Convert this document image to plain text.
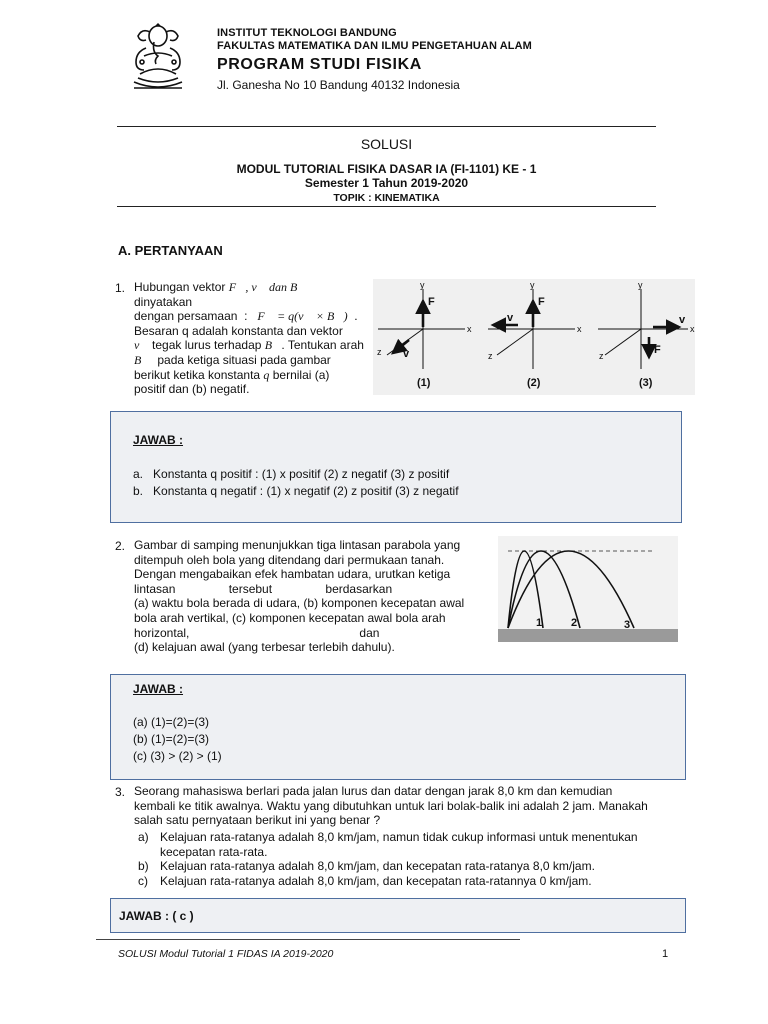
INSTITUT TEKNOLOGI BANDUNG
FAKULTAS MATEMATIKA DAN ILMU PENGETAHUAN ALAM
PROGRAM STUDI FISIKA
Jl. Ganesha No 10 Bandung 40132 Indonesia
SOLUSI
MODUL TUTORIAL FISIKA DASAR IA (FI-1101) KE - 1
Semester 1 Tahun 2019-2020
TOPIK : KINEMATIKA
A. PERTANYAAN
1. Hubungan vektor F⃗, v⃗ dan B⃗ dinyatakan
dengan persamaan  :   F⃗ = q(v⃗ × B⃗)  .
Besaran q adalah konstanta dan vektor
v⃗ tegak lurus terhadap B⃗. Tentukan arah
B⃗  pada ketiga situasi pada gambar
berikut ketika konstanta q bernilai (a)
positif dan (b) negatif.
y
x
z
y
x
z
y
x
z
F
v
F
v
F
v
(1)	(2)	(3)
JAWAB :
a. Konstanta q positif : (1) x positif (2) z negatif (3) z positif
b. Konstanta q negatif : (1) x negatif (2) z positif (3) z negatif
2. Gambar di samping menunjukkan tiga lintasan parabola yang
ditempuh oleh bola yang ditendang dari permukaan tanah.
Dengan mengabaikan efek hambatan udara, urutkan ketiga
lintasan                tersebut                berdasarkan
(a) waktu bola berada di udara, (b) komponen kecepatan awal
bola arah vertikal, (c) komponen kecepatan awal bola arah
horizontal,                                                   dan
(d) kelajuan awal (yang terbesar terlebih dahulu).
1	2	3
JAWAB :
(a) (1)=(2)=(3)
(b) (1)=(2)=(3)
(c) (3) > (2) > (1)
3. Seorang mahasiswa berlari pada jalan lurus dan datar dengan jarak 8,0 km dan kemudian
kembali ke titik awalnya. Waktu yang dibutuhkan untuk lari bolak-balik ini adalah 2 jam. Manakah
salah satu pernyataan berikut ini yang benar ?
a) Kelajuan rata-ratanya adalah 8,0 km/jam, namun tidak cukup informasi untuk menentukan
kecepatan rata-rata.
b) Kelajuan rata-ratanya adalah 8,0 km/jam, dan kecepatan rata-ratanya 8,0 km/jam.
c) Kelajuan rata-ratanya adalah 8,0 km/jam, dan kecepatan rata-ratannya 0 km/jam.
JAWAB : ( c )
SOLUSI Modul Tutorial 1 FIDAS IA 2019-2020	1
